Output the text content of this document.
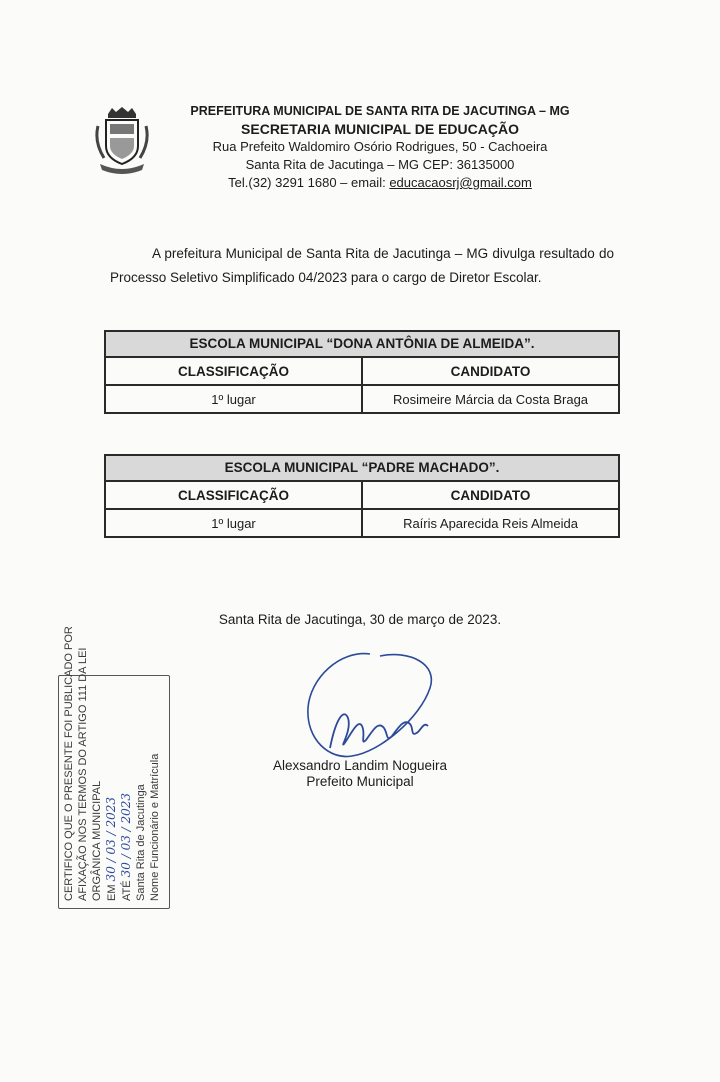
PREFEITURA MUNICIPAL DE SANTA RITA DE JACUTINGA – MG
SECRETARIA MUNICIPAL DE EDUCAÇÃO
Rua Prefeito Waldomiro Osório Rodrigues, 50 - Cachoeira
Santa Rita de Jacutinga – MG CEP: 36135000
Tel.(32) 3291 1680 – email: educacaosrj@gmail.com
A prefeitura Municipal de Santa Rita de Jacutinga – MG divulga resultado do Processo Seletivo Simplificado 04/2023 para o cargo de Diretor Escolar.
ESCOLA MUNICIPAL “DONA ANTÔNIA DE ALMEIDA”.
CLASSIFICAÇÃO	CANDIDATO
1º lugar	Rosimeire Márcia da Costa Braga
ESCOLA MUNICIPAL “PADRE MACHADO”.
CLASSIFICAÇÃO	CANDIDATO
1º lugar	Raíris Aparecida Reis Almeida
Santa Rita de Jacutinga, 30 de março de 2023.
Alexsandro Landim Nogueira
Prefeito Municipal
CERTIFICO QUE O PRESENTE FOI PUBLICADO POR AFIXAÇÃO NOS TERMOS DO ARTIGO 111 DA LEI ORGÂNICA MUNICIPAL EM 30 / 03 / 2023
ATÉ 30 / 03 / 2023 Santa Rita de Jacutinga Nome Funcionário e Matrícula
